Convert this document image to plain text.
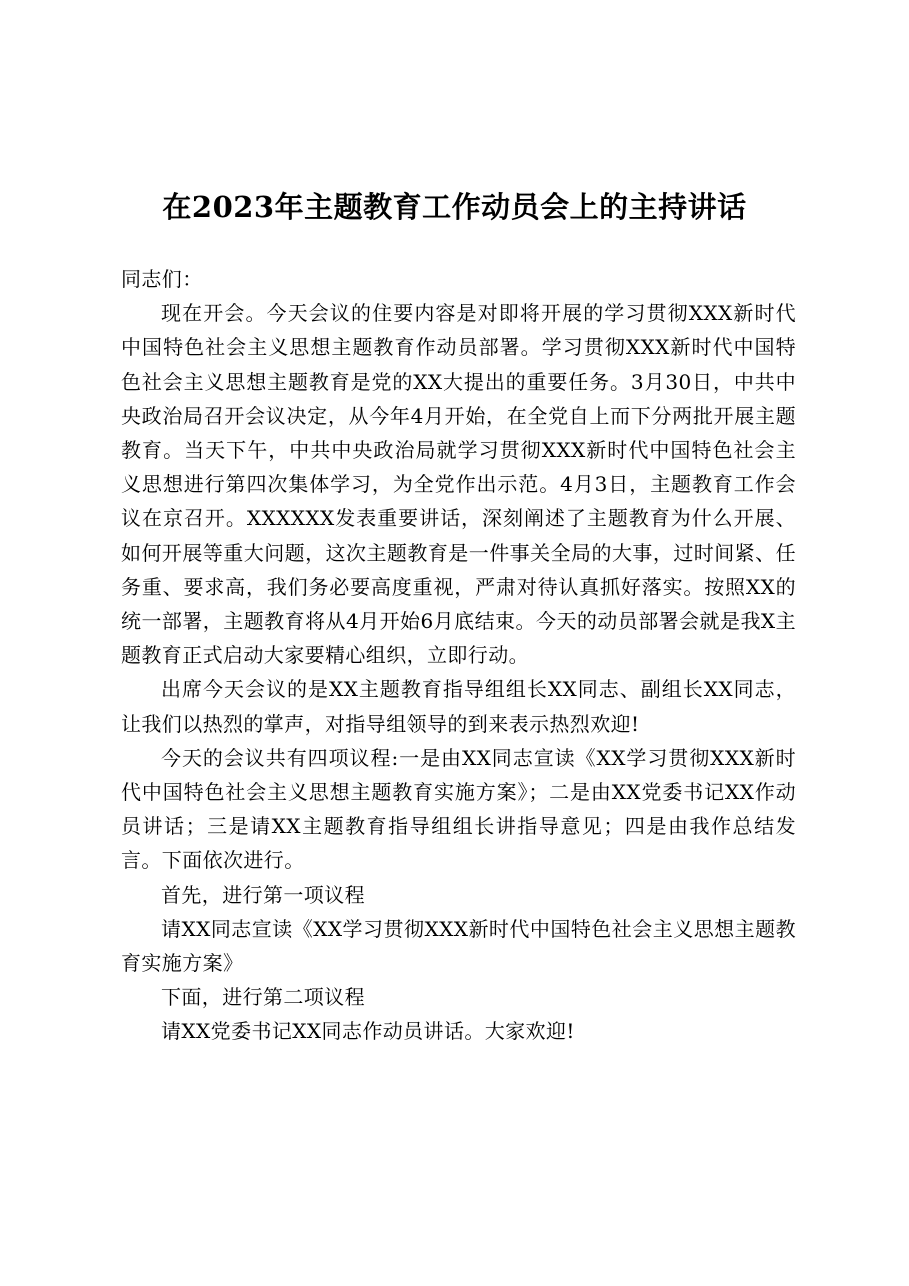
在2023年主题教育工作动员会上的主持讲话

同志们：

现在开会。今天会议的住要内容是对即将开展的学习贯彻XXX新时代中国特色社会主义思想主题教育作动员部署。学习贯彻XXX新时代中国特色社会主义思想主题教育是党的XX大提出的重要任务。3月30日，中共中央政治局召开会议决定，从今年4月开始，在全党自上而下分两批开展主题教育。当天下午，中共中央政治局就学习贯彻XXX新时代中国特色社会主义思想进行第四次集体学习，为全党作出示范。4月3日，主题教育工作会议在京召开。XXXXXX发表重要讲话，深刻阐述了主题教育为什么开展、如何开展等重大问题，这次主题教育是一件事关全局的大事，过时间紧、任务重、要求高，我们务必要高度重视，严肃对待认真抓好落实。按照XX的统一部署，主题教育将从4月开始6月底结束。今天的动员部署会就是我X主题教育正式启动大家要精心组织，立即行动。

出席今天会议的是XX主题教育指导组组长XX同志、副组长XX同志，让我们以热烈的掌声，对指导组领导的到来表示热烈欢迎!

今天的会议共有四项议程:一是由XX同志宣读《XX学习贯彻XXX新时代中国特色社会主义思想主题教育实施方案》；二是由XX党委书记XX作动员讲话；三是请XX主题教育指导组组长讲指导意见；四是由我作总结发言。下面依次进行。

首先，进行第一项议程

请XX同志宣读《XX学习贯彻XXX新时代中国特色社会主义思想主题教育实施方案》

下面，进行第二项议程

请XX党委书记XX同志作动员讲话。大家欢迎!
